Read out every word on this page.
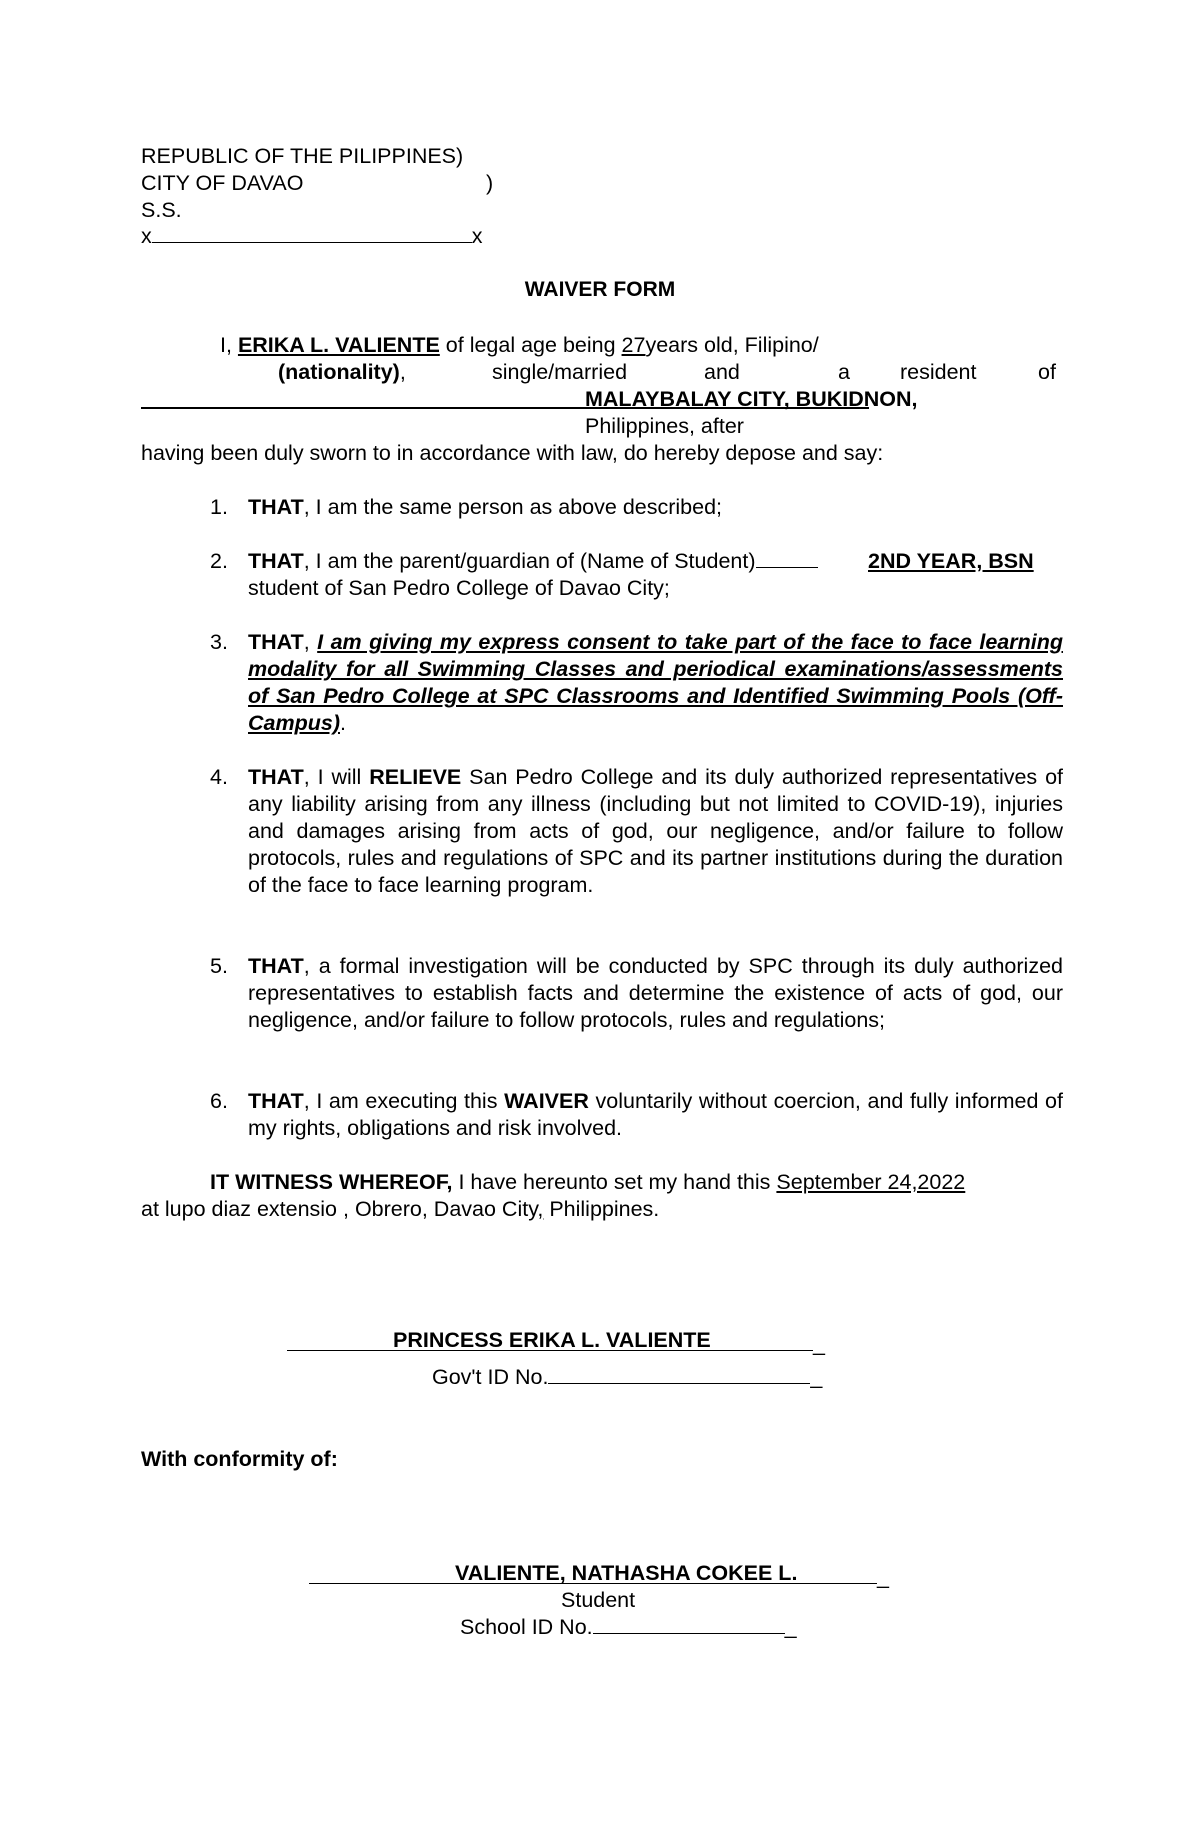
REPUBLIC OF THE PILIPPINES)
CITY OF DAVAO	)
S.S.
x	x
WAIVER FORM
I, ERIKA L. VALIENTE of legal age being 27years old, Filipino/
(nationality),	single/married	and	a resident	of
MALAYBALAY CITY, BUKIDNON,
Philippines, after
having been duly sworn to in accordance with law, do hereby depose and say:
1. THAT, I am the same person as above described;
2. THAT, I am the parent/guardian of (Name of Student)	2ND YEAR, BSN
student of San Pedro College of Davao City;
3. THAT, I am giving my express consent to take part of the face to face learning modality for all Swimming Classes and periodical examinations/assessments of San Pedro College at SPC Classrooms and Identified Swimming Pools (Off-Campus).
4. THAT, I will RELIEVE San Pedro College and its duly authorized representatives of any liability arising from any illness (including but not limited to COVID-19), injuries and damages arising from acts of god, our negligence, and/or failure to follow protocols, rules and regulations of SPC and its partner institutions during the duration of the face to face learning program.
5. THAT, a formal investigation will be conducted by SPC through its duly authorized representatives to establish facts and determine the existence of acts of god, our negligence, and/or failure to follow protocols, rules and regulations;
6. THAT, I am executing this WAIVER voluntarily without coercion, and fully informed of my rights, obligations and risk involved.
IT WITNESS WHEREOF, I have hereunto set my hand this September 24,2022
at lupo diaz extensio , Obrero, Davao City, Philippines.
_
PRINCESS ERIKA L. VALIENTE
Gov't ID No.	_
With conformity of:
_
VALIENTE, NATHASHA COKEE L.
Student
School ID No.	_
